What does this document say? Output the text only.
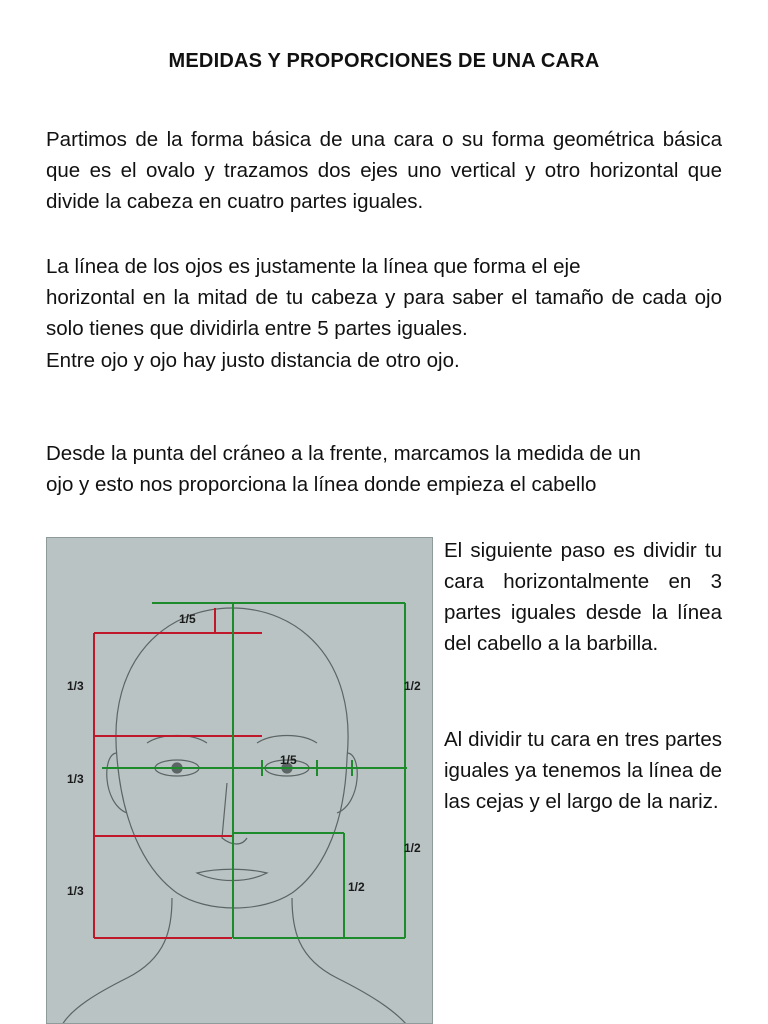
MEDIDAS Y PROPORCIONES DE UNA CARA

Partimos de la forma básica de una cara o su forma geométrica básica que es el ovalo y trazamos dos ejes uno vertical y otro horizontal que divide la cabeza en cuatro partes iguales.

La línea de los ojos es justamente la línea que forma el eje

horizontal en la mitad de tu cabeza y para saber el tamaño de cada ojo solo tienes que dividirla entre 5 partes iguales.

Entre ojo y ojo hay justo distancia de otro ojo.

Desde la punta del cráneo a la frente, marcamos la medida de un

ojo y esto nos proporciona la línea donde empieza el cabello

1/5
1/5
1/3
1/3
1/3
1/2
1/2
1/2

El siguiente paso es dividir tu cara horizontalmente en 3 partes iguales desde la línea del cabello a la barbilla.

Al dividir tu cara en tres partes iguales ya tenemos la línea de las cejas y el largo de la nariz.
